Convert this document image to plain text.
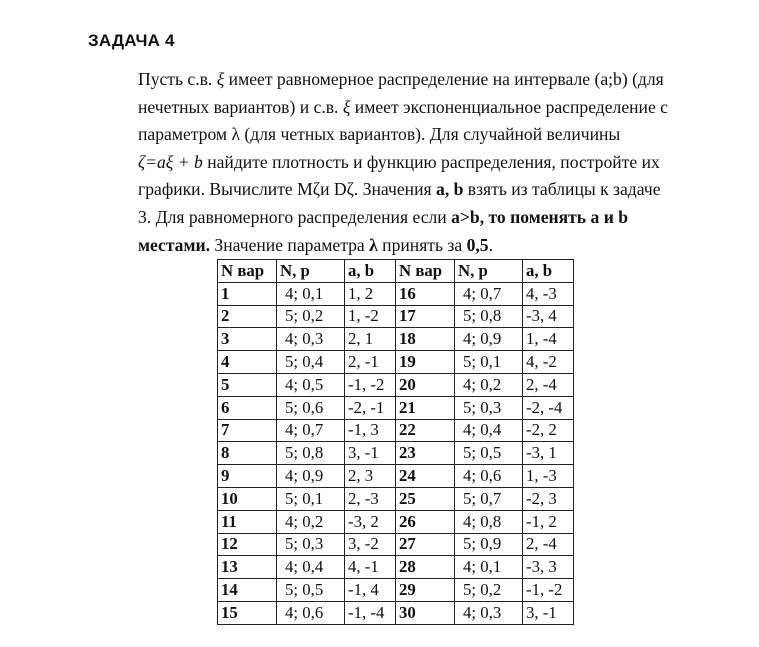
ЗАДАЧА 4
Пусть с.в. ξ имеет равномерное распределение на интервале (a;b) (для
нечетных вариантов) и с.в. ξ имеет экспоненциальное распределение с
параметром λ (для четных вариантов). Для случайной величины
ζ=aξ + b найдите плотность и функцию распределения, постройте их
графики. Вычислите Mζи Dζ. Значения a, b взять из таблицы к задаче
3. Для равномерного распределения если a>b, то поменять a и b
местами. Значение параметра λ принять за 0,5.
N вар	N, p	a, b	N вар	N, p	a, b
1	4; 0,1	1, 2	16	4; 0,7	4, -3
2	5; 0,2	1, -2	17	5; 0,8	-3, 4
3	4; 0,3	2, 1	18	4; 0,9	1, -4
4	5; 0,4	2, -1	19	5; 0,1	4, -2
5	4; 0,5	-1, -2	20	4; 0,2	2, -4
6	5; 0,6	-2, -1	21	5; 0,3	-2, -4
7	4; 0,7	-1, 3	22	4; 0,4	-2, 2
8	5; 0,8	3, -1	23	5; 0,5	-3, 1
9	4; 0,9	2, 3	24	4; 0,6	1, -3
10	5; 0,1	2, -3	25	5; 0,7	-2, 3
11	4; 0,2	-3, 2	26	4; 0,8	-1, 2
12	5; 0,3	3, -2	27	5; 0,9	2, -4
13	4; 0,4	4, -1	28	4; 0,1	-3, 3
14	5; 0,5	-1, 4	29	5; 0,2	-1, -2
15	4; 0,6	-1, -4	30	4; 0,3	3, -1
